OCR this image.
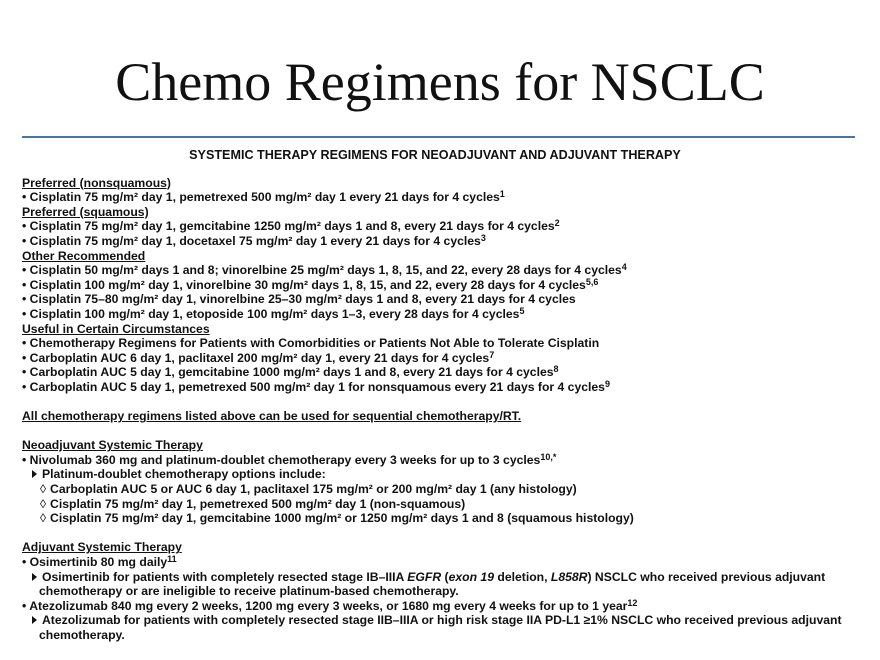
Chemo Regimens for NSCLC
SYSTEMIC THERAPY REGIMENS FOR NEOADJUVANT AND ADJUVANT THERAPY
Preferred (nonsquamous)
• Cisplatin 75 mg/m² day 1, pemetrexed 500 mg/m² day 1 every 21 days for 4 cycles$^1$
Preferred (squamous)
• Cisplatin 75 mg/m² day 1, gemcitabine 1250 mg/m² days 1 and 8, every 21 days for 4 cycles$^2$
• Cisplatin 75 mg/m² day 1, docetaxel 75 mg/m² day 1 every 21 days for 4 cycles$^3$
Other Recommended
• Cisplatin 50 mg/m² days 1 and 8; vinorelbine 25 mg/m² days 1, 8, 15, and 22, every 28 days for 4 cycles$^4$
• Cisplatin 100 mg/m² day 1, vinorelbine 30 mg/m² days 1, 8, 15, and 22, every 28 days for 4 cycles$^{5,6}$
• Cisplatin 75–80 mg/m² day 1, vinorelbine 25–30 mg/m² days 1 and 8, every 21 days for 4 cycles
• Cisplatin 100 mg/m² day 1, etoposide 100 mg/m² days 1–3, every 28 days for 4 cycles$^5$
Useful in Certain Circumstances
• Chemotherapy Regimens for Patients with Comorbidities or Patients Not Able to Tolerate Cisplatin
• Carboplatin AUC 6 day 1, paclitaxel 200 mg/m² day 1, every 21 days for 4 cycles$^7$
• Carboplatin AUC 5 day 1, gemcitabine 1000 mg/m² days 1 and 8, every 21 days for 4 cycles$^8$
• Carboplatin AUC 5 day 1, pemetrexed 500 mg/m² day 1 for nonsquamous every 21 days for 4 cycles$^9$
All chemotherapy regimens listed above can be used for sequential chemotherapy/RT.
Neoadjuvant Systemic Therapy
• Nivolumab 360 mg and platinum-doublet chemotherapy every 3 weeks for up to 3 cycles$^{10,*}$
Platinum-doublet chemotherapy options include:
◊ Carboplatin AUC 5 or AUC 6 day 1, paclitaxel 175 mg/m² or 200 mg/m² day 1 (any histology)
◊ Cisplatin 75 mg/m² day 1, pemetrexed 500 mg/m² day 1 (non-squamous)
◊ Cisplatin 75 mg/m² day 1, gemcitabine 1000 mg/m² or 1250 mg/m² days 1 and 8 (squamous histology)
Adjuvant Systemic Therapy
• Osimertinib 80 mg daily$^{11}$
Osimertinib for patients with completely resected stage IB–IIIA EGFR (exon 19 deletion, L858R) NSCLC who received previous adjuvant chemotherapy or are ineligible to receive platinum-based chemotherapy.
• Atezolizumab 840 mg every 2 weeks, 1200 mg every 3 weeks, or 1680 mg every 4 weeks for up to 1 year$^{12}$
Atezolizumab for patients with completely resected stage IIB–IIIA or high risk stage IIA PD-L1 ≥1% NSCLC who received previous adjuvant chemotherapy.
